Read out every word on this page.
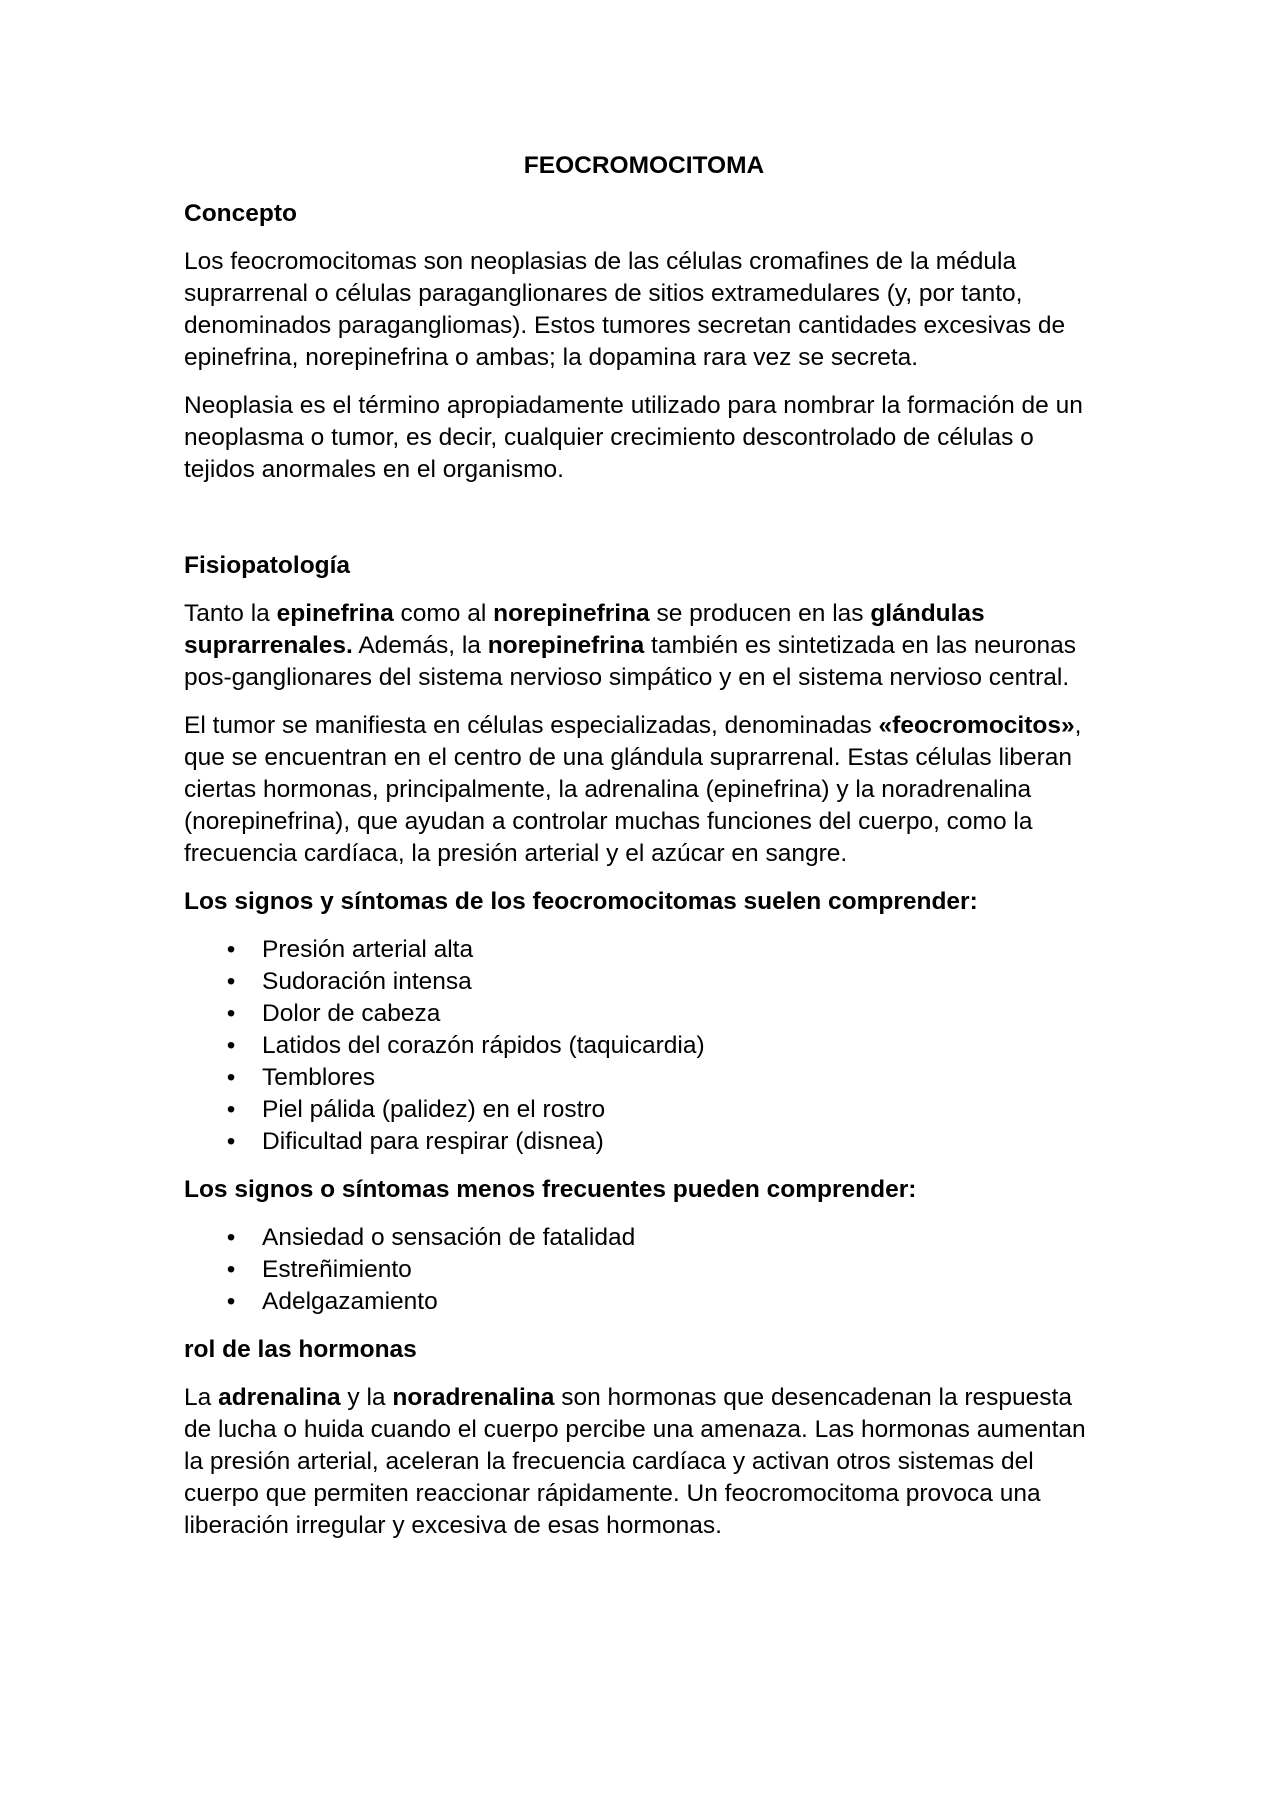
FEOCROMOCITOMA
Concepto

Los feocromocitomas son neoplasias de las células cromafines de la médula suprarrenal o células paraganglionares de sitios extramedulares (y, por tanto, denominados paragangliomas). Estos tumores secretan cantidades excesivas de epinefrina, norepinefrina o ambas; la dopamina rara vez se secreta.

Neoplasia es el término apropiadamente utilizado para nombrar la formación de un neoplasma o tumor, es decir, cualquier crecimiento descontrolado de células o tejidos anormales en el organismo.

Fisiopatología

Tanto la epinefrina como al norepinefrina se producen en las glándulas suprarrenales. Además, la norepinefrina también es sintetizada en las neuronas pos-ganglionares del sistema nervioso simpático y en el sistema nervioso central.

El tumor se manifiesta en células especializadas, denominadas «feocromocitos», que se encuentran en el centro de una glándula suprarrenal. Estas células liberan ciertas hormonas, principalmente, la adrenalina (epinefrina) y la noradrenalina (norepinefrina), que ayudan a controlar muchas funciones del cuerpo, como la frecuencia cardíaca, la presión arterial y el azúcar en sangre.

Los signos y síntomas de los feocromocitomas suelen comprender:
• Presión arterial alta
• Sudoración intensa
• Dolor de cabeza
• Latidos del corazón rápidos (taquicardia)
• Temblores
• Piel pálida (palidez) en el rostro
• Dificultad para respirar (disnea)
Los signos o síntomas menos frecuentes pueden comprender:
• Ansiedad o sensación de fatalidad
• Estreñimiento
• Adelgazamiento
rol de las hormonas

La adrenalina y la noradrenalina son hormonas que desencadenan la respuesta de lucha o huida cuando el cuerpo percibe una amenaza. Las hormonas aumentan la presión arterial, aceleran la frecuencia cardíaca y activan otros sistemas del cuerpo que permiten reaccionar rápidamente. Un feocromocitoma provoca una liberación irregular y excesiva de esas hormonas.
